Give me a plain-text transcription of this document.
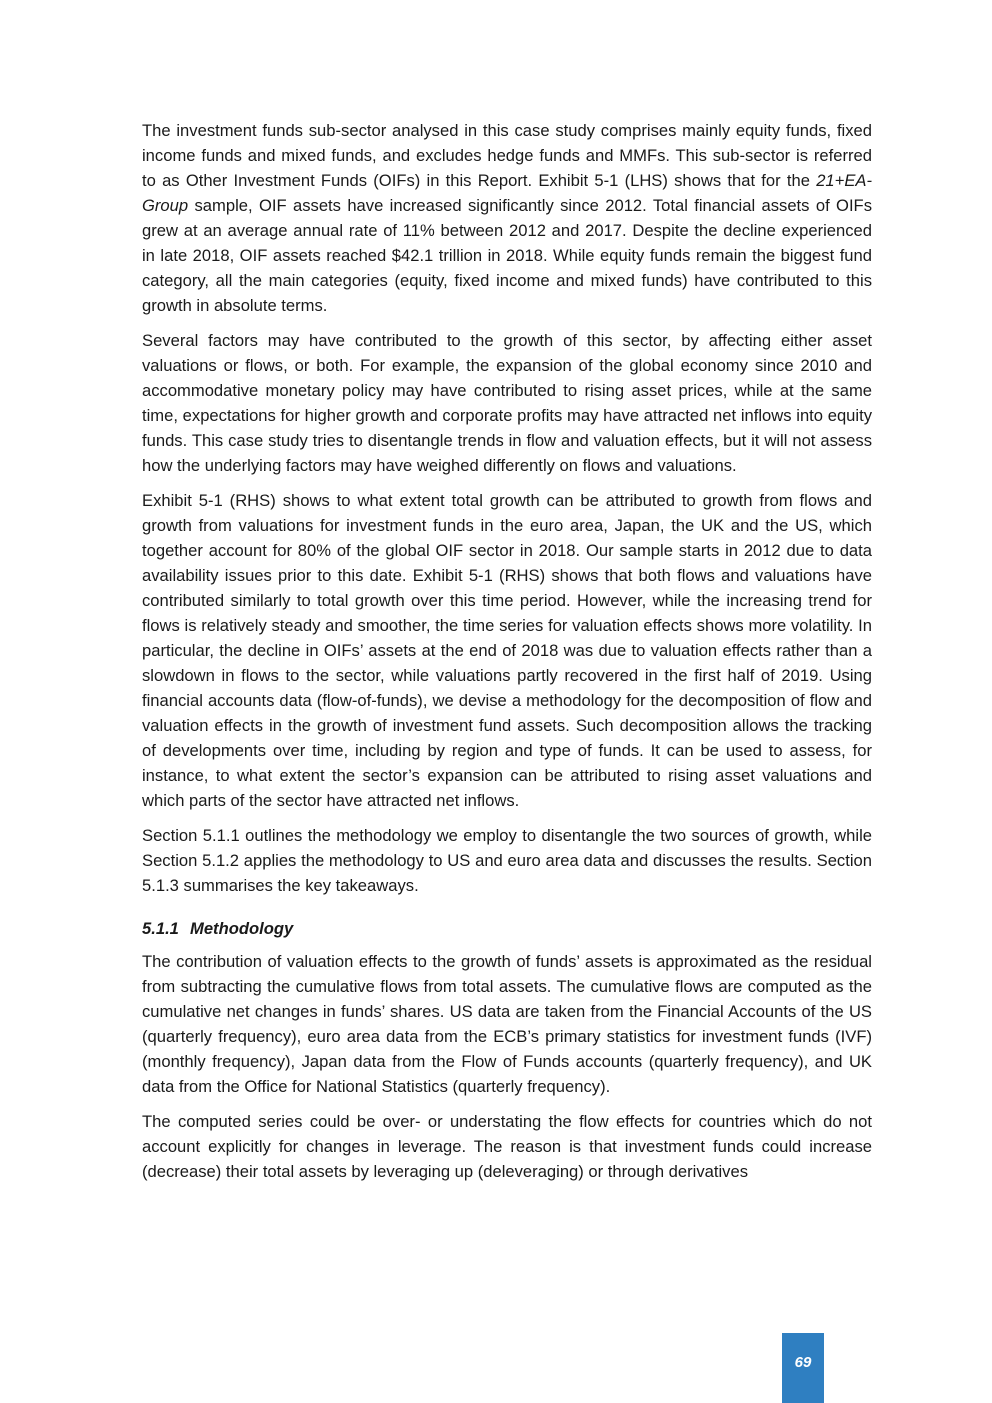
The investment funds sub-sector analysed in this case study comprises mainly equity funds, fixed income funds and mixed funds, and excludes hedge funds and MMFs. This sub-sector is referred to as Other Investment Funds (OIFs) in this Report. Exhibit 5-1 (LHS) shows that for the 21+EA-Group sample, OIF assets have increased significantly since 2012. Total financial assets of OIFs grew at an average annual rate of 11% between 2012 and 2017. Despite the decline experienced in late 2018, OIF assets reached $42.1 trillion in 2018. While equity funds remain the biggest fund category, all the main categories (equity, fixed income and mixed funds) have contributed to this growth in absolute terms.

Several factors may have contributed to the growth of this sector, by affecting either asset valuations or flows, or both. For example, the expansion of the global economy since 2010 and accommodative monetary policy may have contributed to rising asset prices, while at the same time, expectations for higher growth and corporate profits may have attracted net inflows into equity funds. This case study tries to disentangle trends in flow and valuation effects, but it will not assess how the underlying factors may have weighed differently on flows and valuations.

Exhibit 5-1 (RHS) shows to what extent total growth can be attributed to growth from flows and growth from valuations for investment funds in the euro area, Japan, the UK and the US, which together account for 80% of the global OIF sector in 2018. Our sample starts in 2012 due to data availability issues prior to this date. Exhibit 5-1 (RHS) shows that both flows and valuations have contributed similarly to total growth over this time period. However, while the increasing trend for flows is relatively steady and smoother, the time series for valuation effects shows more volatility. In particular, the decline in OIFs’ assets at the end of 2018 was due to valuation effects rather than a slowdown in flows to the sector, while valuations partly recovered in the first half of 2019. Using financial accounts data (flow-of-funds), we devise a methodology for the decomposition of flow and valuation effects in the growth of investment fund assets. Such decomposition allows the tracking of developments over time, including by region and type of funds. It can be used to assess, for instance, to what extent the sector’s expansion can be attributed to rising asset valuations and which parts of the sector have attracted net inflows.

Section 5.1.1 outlines the methodology we employ to disentangle the two sources of growth, while Section 5.1.2 applies the methodology to US and euro area data and discusses the results. Section 5.1.3 summarises the key takeaways.

5.1.1 Methodology

The contribution of valuation effects to the growth of funds’ assets is approximated as the residual from subtracting the cumulative flows from total assets. The cumulative flows are computed as the cumulative net changes in funds’ shares. US data are taken from the Financial Accounts of the US (quarterly frequency), euro area data from the ECB’s primary statistics for investment funds (IVF) (monthly frequency), Japan data from the Flow of Funds accounts (quarterly frequency), and UK data from the Office for National Statistics (quarterly frequency).

The computed series could be over- or understating the flow effects for countries which do not account explicitly for changes in leverage. The reason is that investment funds could increase (decrease) their total assets by leveraging up (deleveraging) or through derivatives

69
